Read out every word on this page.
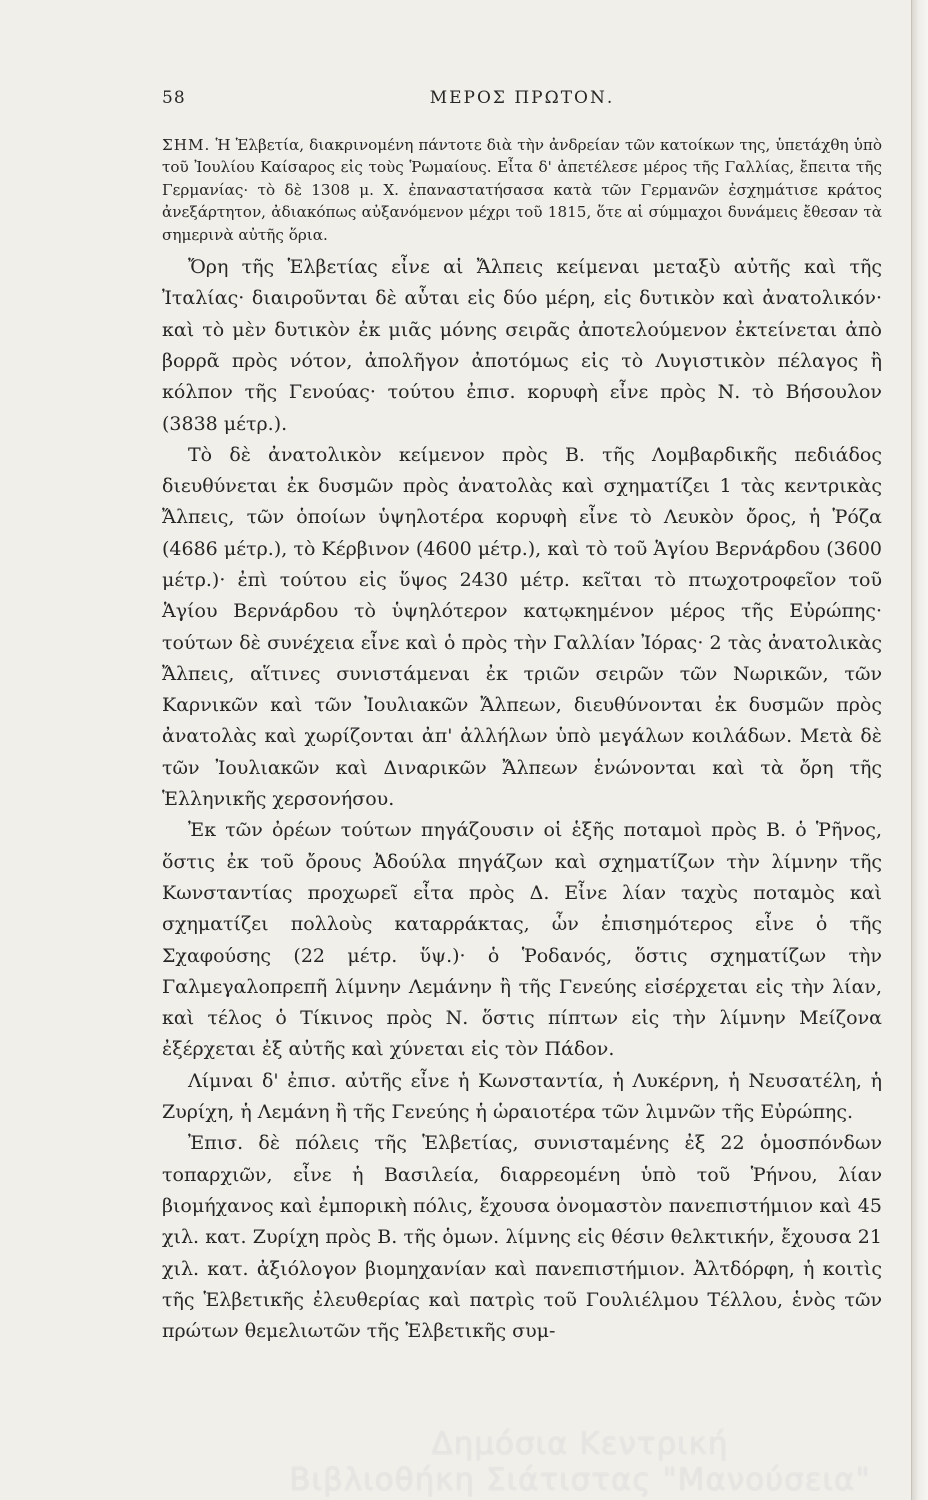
58	ΜΕΡΟΣ ΠΡΩΤΟΝ.

ΣΗΜ. Ἡ Ἑλβετία, διακρινομένη πάντοτε διὰ τὴν ἀνδρείαν τῶν κατοίκων της, ὑπετάχθη ὑπὸ τοῦ Ἰουλίου Καίσαρος εἰς τοὺς Ῥωμαίους. Εἶτα δ' ἀπετέλεσε μέρος τῆς Γαλλίας, ἔπειτα τῆς Γερμανίας· τὸ δὲ 1308 μ. Χ. ἐπαναστατήσασα κατὰ τῶν Γερμανῶν ἐσχημάτισε κράτος ἀνεξάρτητον, ἀδιακόπως αὐξανόμενον μέχρι τοῦ 1815, ὅτε αἱ σύμμαχοι δυνάμεις ἔθεσαν τὰ σημερινὰ αὐτῆς ὅρια.

Ὄρη τῆς Ἑλβετίας εἶνε αἱ Ἄλπεις κείμεναι μεταξὺ αὐτῆς καὶ τῆς Ἰταλίας· διαιροῦνται δὲ αὗται εἰς δύο μέρη, εἰς δυτικὸν καὶ ἀνατολικόν· καὶ τὸ μὲν δυτικὸν ἐκ μιᾶς μόνης σειρᾶς ἀποτελούμενον ἐκτείνεται ἀπὸ βορρᾶ πρὸς νότον, ἀπολῆγον ἀποτόμως εἰς τὸ Λυγιστικὸν πέλαγος ἢ κόλπον τῆς Γενούας· τούτου ἐπισ. κορυφὴ εἶνε πρὸς Ν. τὸ Βήσουλον (3838 μέτρ.).

Τὸ δὲ ἀνατολικὸν κείμενον πρὸς Β. τῆς Λομβαρδικῆς πεδιάδος διευθύνεται ἐκ δυσμῶν πρὸς ἀνατολὰς καὶ σχηματίζει 1 τὰς κεντρικὰς Ἄλπεις, τῶν ὁποίων ὑψηλοτέρα κορυφὴ εἶνε τὸ Λευκὸν ὄρος, ἡ Ῥόζα (4686 μέτρ.), τὸ Κέρβινον (4600 μέτρ.), καὶ τὸ τοῦ Ἁγίου Βερνάρδου (3600 μέτρ.)· ἐπὶ τούτου εἰς ὕψος 2430 μέτρ. κεῖται τὸ πτωχοτροφεῖον τοῦ Ἁγίου Βερνάρδου τὸ ὑψηλότερον κατῳκημένον μέρος τῆς Εὐρώπης· τούτων δὲ συνέχεια εἶνε καὶ ὁ πρὸς τὴν Γαλλίαν Ἰόρας· 2 τὰς ἀνατολικὰς Ἄλπεις, αἵτινες συνιστάμεναι ἐκ τριῶν σειρῶν τῶν Νωρικῶν, τῶν Καρνικῶν καὶ τῶν Ἰουλιακῶν Ἄλπεων, διευθύνονται ἐκ δυσμῶν πρὸς ἀνατολὰς καὶ χωρίζονται ἀπ' ἀλλήλων ὑπὸ μεγάλων κοιλάδων. Μετὰ δὲ τῶν Ἰουλιακῶν καὶ Διναρικῶν Ἄλπεων ἑνώνονται καὶ τὰ ὄρη τῆς Ἑλληνικῆς χερσονήσου.

Ἐκ τῶν ὀρέων τούτων πηγάζουσιν οἱ ἑξῆς ποταμοὶ πρὸς Β. ὁ Ῥῆνος, ὅστις ἐκ τοῦ ὄρους Ἀδούλα πηγάζων καὶ σχηματίζων τὴν λίμνην τῆς Κωνσταντίας προχωρεῖ εἶτα πρὸς Δ. Εἶνε λίαν ταχὺς ποταμὸς καὶ σχηματίζει πολλοὺς καταρράκτας, ὧν ἐπισημότερος εἶνε ὁ τῆς Σχαφούσης (22 μέτρ. ὕψ.)· ὁ Ῥοδανός, ὅστις σχηματίζων τὴν Γαλμεγαλοπρεπῆ λίμνην Λεμάνην ἢ τῆς Γενεύης εἰσέρχεται εἰς τὴν λίαν, καὶ τέλος ὁ Τίκινος πρὸς Ν. ὅστις πίπτων εἰς τὴν λίμνην Μείζονα ἐξέρχεται ἐξ αὐτῆς καὶ χύνεται εἰς τὸν Πάδον.

Λίμναι δ' ἐπισ. αὐτῆς εἶνε ἡ Κωνσταντία, ἡ Λυκέρνη, ἡ Νευσατέλη, ἡ Ζυρίχη, ἡ Λεμάνη ἢ τῆς Γενεύης ἡ ὡραιοτέρα τῶν λιμνῶν τῆς Εὐρώπης.

Ἐπισ. δὲ πόλεις τῆς Ἑλβετίας, συνισταμένης ἐξ 22 ὁμοσπόνδων τοπαρχιῶν, εἶνε ἡ Βασιλεία, διαρρεομένη ὑπὸ τοῦ Ῥήνου, λίαν βιομήχανος καὶ ἐμπορικὴ πόλις, ἔχουσα ὀνομαστὸν πανεπιστήμιον καὶ 45 χιλ. κατ. Ζυρίχη πρὸς Β. τῆς ὁμων. λίμνης εἰς θέσιν θελκτικήν, ἔχουσα 21 χιλ. κατ. ἀξιόλογον βιομηχανίαν καὶ πανεπιστήμιον. Ἀλτδόρφη, ἡ κοιτὶς τῆς Ἑλβετικῆς ἐλευθερίας καὶ πατρὶς τοῦ Γουλιέλμου Τέλλου, ἑνὸς τῶν πρώτων θεμελιωτῶν τῆς Ἑλβετικῆς συμ-

Δημόσια Κεντρική
Βιβλιοθήκη Σιάτιστας "Μανούσεια"
